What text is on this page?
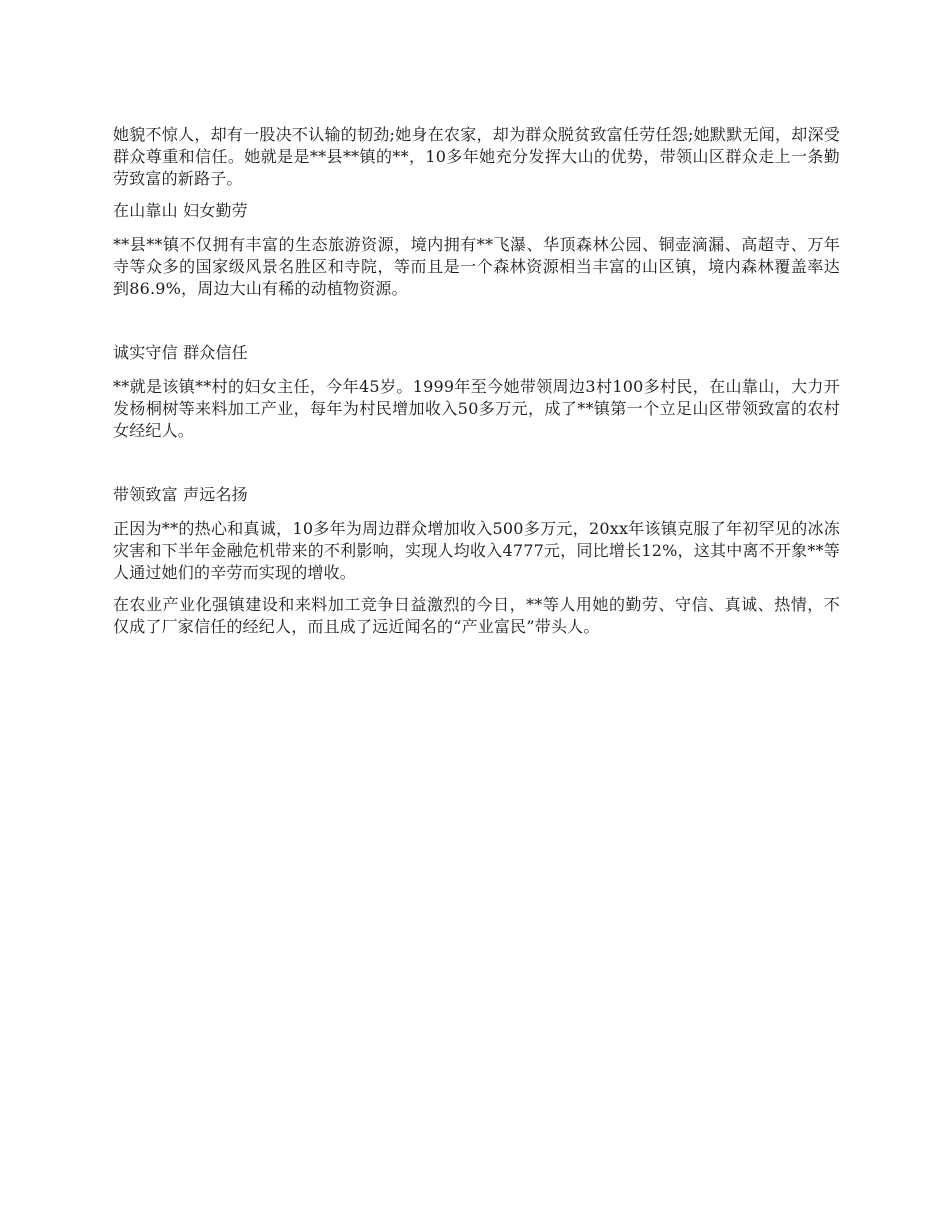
她貌不惊人，却有一股决不认输的韧劲;她身在农家，却为群众脱贫致富任劳任怨;她默默无闻，却深受群众尊重和信任。她就是是**县**镇的**，10多年她充分发挥大山的优势，带领山区群众走上一条勤劳致富的新路子。

在山靠山 妇女勤劳

**县**镇不仅拥有丰富的生态旅游资源，境内拥有**飞瀑、华顶森林公园、铜壶滴漏、高超寺、万年寺等众多的国家级风景名胜区和寺院，等而且是一个森林资源相当丰富的山区镇，境内森林覆盖率达到86.9%，周边大山有稀的动植物资源。

诚实守信 群众信任

**就是该镇**村的妇女主任，今年45岁。1999年至今她带领周边3村100多村民，在山靠山，大力开发杨桐树等来料加工产业，每年为村民增加收入50多万元，成了**镇第一个立足山区带领致富的农村女经纪人。

带领致富 声远名扬

正因为**的热心和真诚，10多年为周边群众增加收入500多万元，20xx年该镇克服了年初罕见的冰冻灾害和下半年金融危机带来的不利影响，实现人均收入4777元，同比增长12%，这其中离不开象**等人通过她们的辛劳而实现的增收。

在农业产业化强镇建设和来料加工竞争日益激烈的今日，**等人用她的勤劳、守信、真诚、热情，不仅成了厂家信任的经纪人，而且成了远近闻名的“产业富民”带头人。
